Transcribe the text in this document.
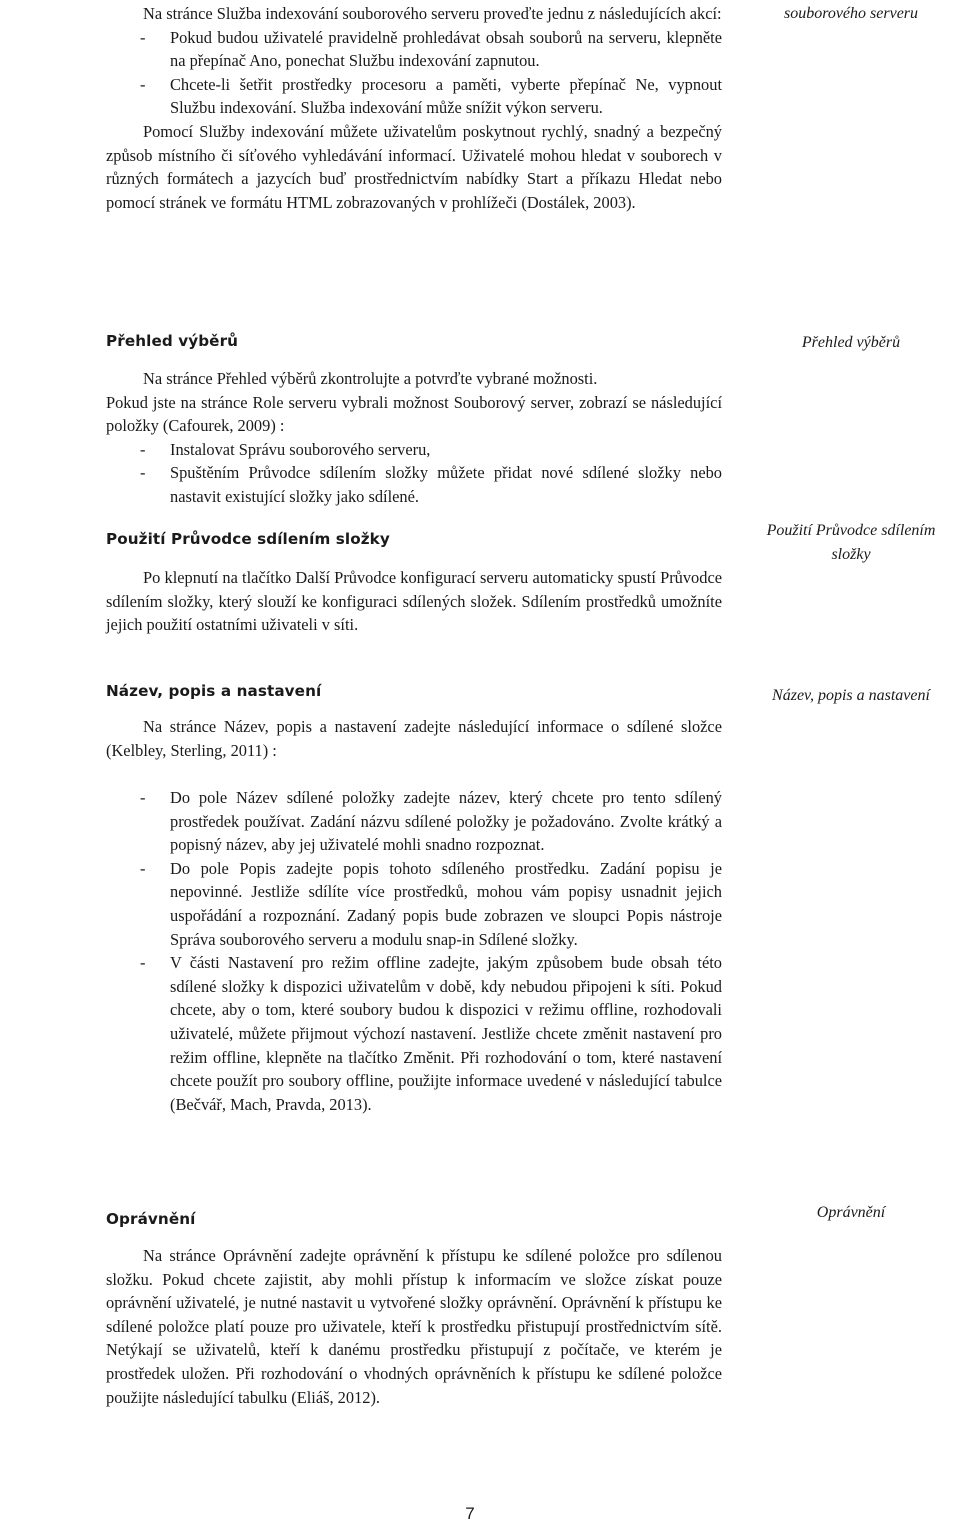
Na stránce Služba indexování souborového serveru proveďte jednu z následujících akcí:

- Pokud budou uživatelé pravidelně prohledávat obsah souborů na serveru, klepněte na přepínač Ano, ponechat Službu indexování zapnutou.
- Chcete-li šetřit prostředky procesoru a paměti, vyberte přepínač Ne, vypnout Službu indexování. Služba indexování může snížit výkon serveru.

Pomocí Služby indexování můžete uživatelům poskytnout rychlý, snadný a bezpečný způsob místního či síťového vyhledávání informací. Uživatelé mohou hledat v souborech v různých formátech a jazycích buď prostřednictvím nabídky Start a příkazu Hledat nebo pomocí stránek ve formátu HTML zobrazovaných v prohlížeči (Dostálek, 2003).

Přehled výběrů

Na stránce Přehled výběrů zkontrolujte a potvrďte vybrané možnosti.

Pokud jste na stránce Role serveru vybrali možnost Souborový server, zobrazí se následující položky (Cafourek, 2009) :

- Instalovat Správu souborového serveru,
- Spuštěním Průvodce sdílením složky můžete přidat nové sdílené složky nebo nastavit existující složky jako sdílené.
Použití Průvodce sdílením složky

Po klepnutí na tlačítko Další Průvodce konfigurací serveru automaticky spustí Průvodce sdílením složky, který slouží ke konfiguraci sdílených složek. Sdílením prostředků umožníte jejich použití ostatními uživateli v síti.

Název, popis a nastavení

Na stránce Název, popis a nastavení zadejte následující informace o sdílené složce (Kelbley, Sterling, 2011) :

- Do pole Název sdílené položky zadejte název, který chcete pro tento sdílený prostředek používat. Zadání názvu sdílené položky je požadováno. Zvolte krátký a popisný název, aby jej uživatelé mohli snadno rozpoznat.
- Do pole Popis zadejte popis tohoto sdíleného prostředku. Zadání popisu je nepovinné. Jestliže sdílíte více prostředků, mohou vám popisy usnadnit jejich uspořádání a rozpoznání. Zadaný popis bude zobrazen ve sloupci Popis nástroje Správa souborového serveru a modulu snap-in Sdílené složky.
- V části Nastavení pro režim offline zadejte, jakým způsobem bude obsah této sdílené složky k dispozici uživatelům v době, kdy nebudou připojeni k síti. Pokud chcete, aby o tom, které soubory budou k dispozici v režimu offline, rozhodovali uživatelé, můžete přijmout výchozí nastavení. Jestliže chcete změnit nastavení pro režim offline, klepněte na tlačítko Změnit. Při rozhodování o tom, které nastavení chcete použít pro soubory offline, použijte informace uvedené v následující tabulce (Bečvář, Mach, Pravda, 2013).
Oprávnění

Na stránce Oprávnění zadejte oprávnění k přístupu ke sdílené položce pro sdílenou složku. Pokud chcete zajistit, aby mohli přístup k informacím ve složce získat pouze oprávnění uživatelé, je nutné nastavit u vytvořené složky oprávnění. Oprávnění k přístupu ke sdílené položce platí pouze pro uživatele, kteří k prostředku přistupují prostřednictvím sítě. Netýkají se uživatelů, kteří k danému prostředku přistupují z počítače, ve kterém je prostředek uložen. Při rozhodování o vhodných oprávněních k přístupu ke sdílené položce použijte následující tabulku (Eliáš, 2012).

souborového serveru
Přehled výběrů
Použití Průvodce sdílením složky
Název, popis a nastavení
Oprávnění
7
